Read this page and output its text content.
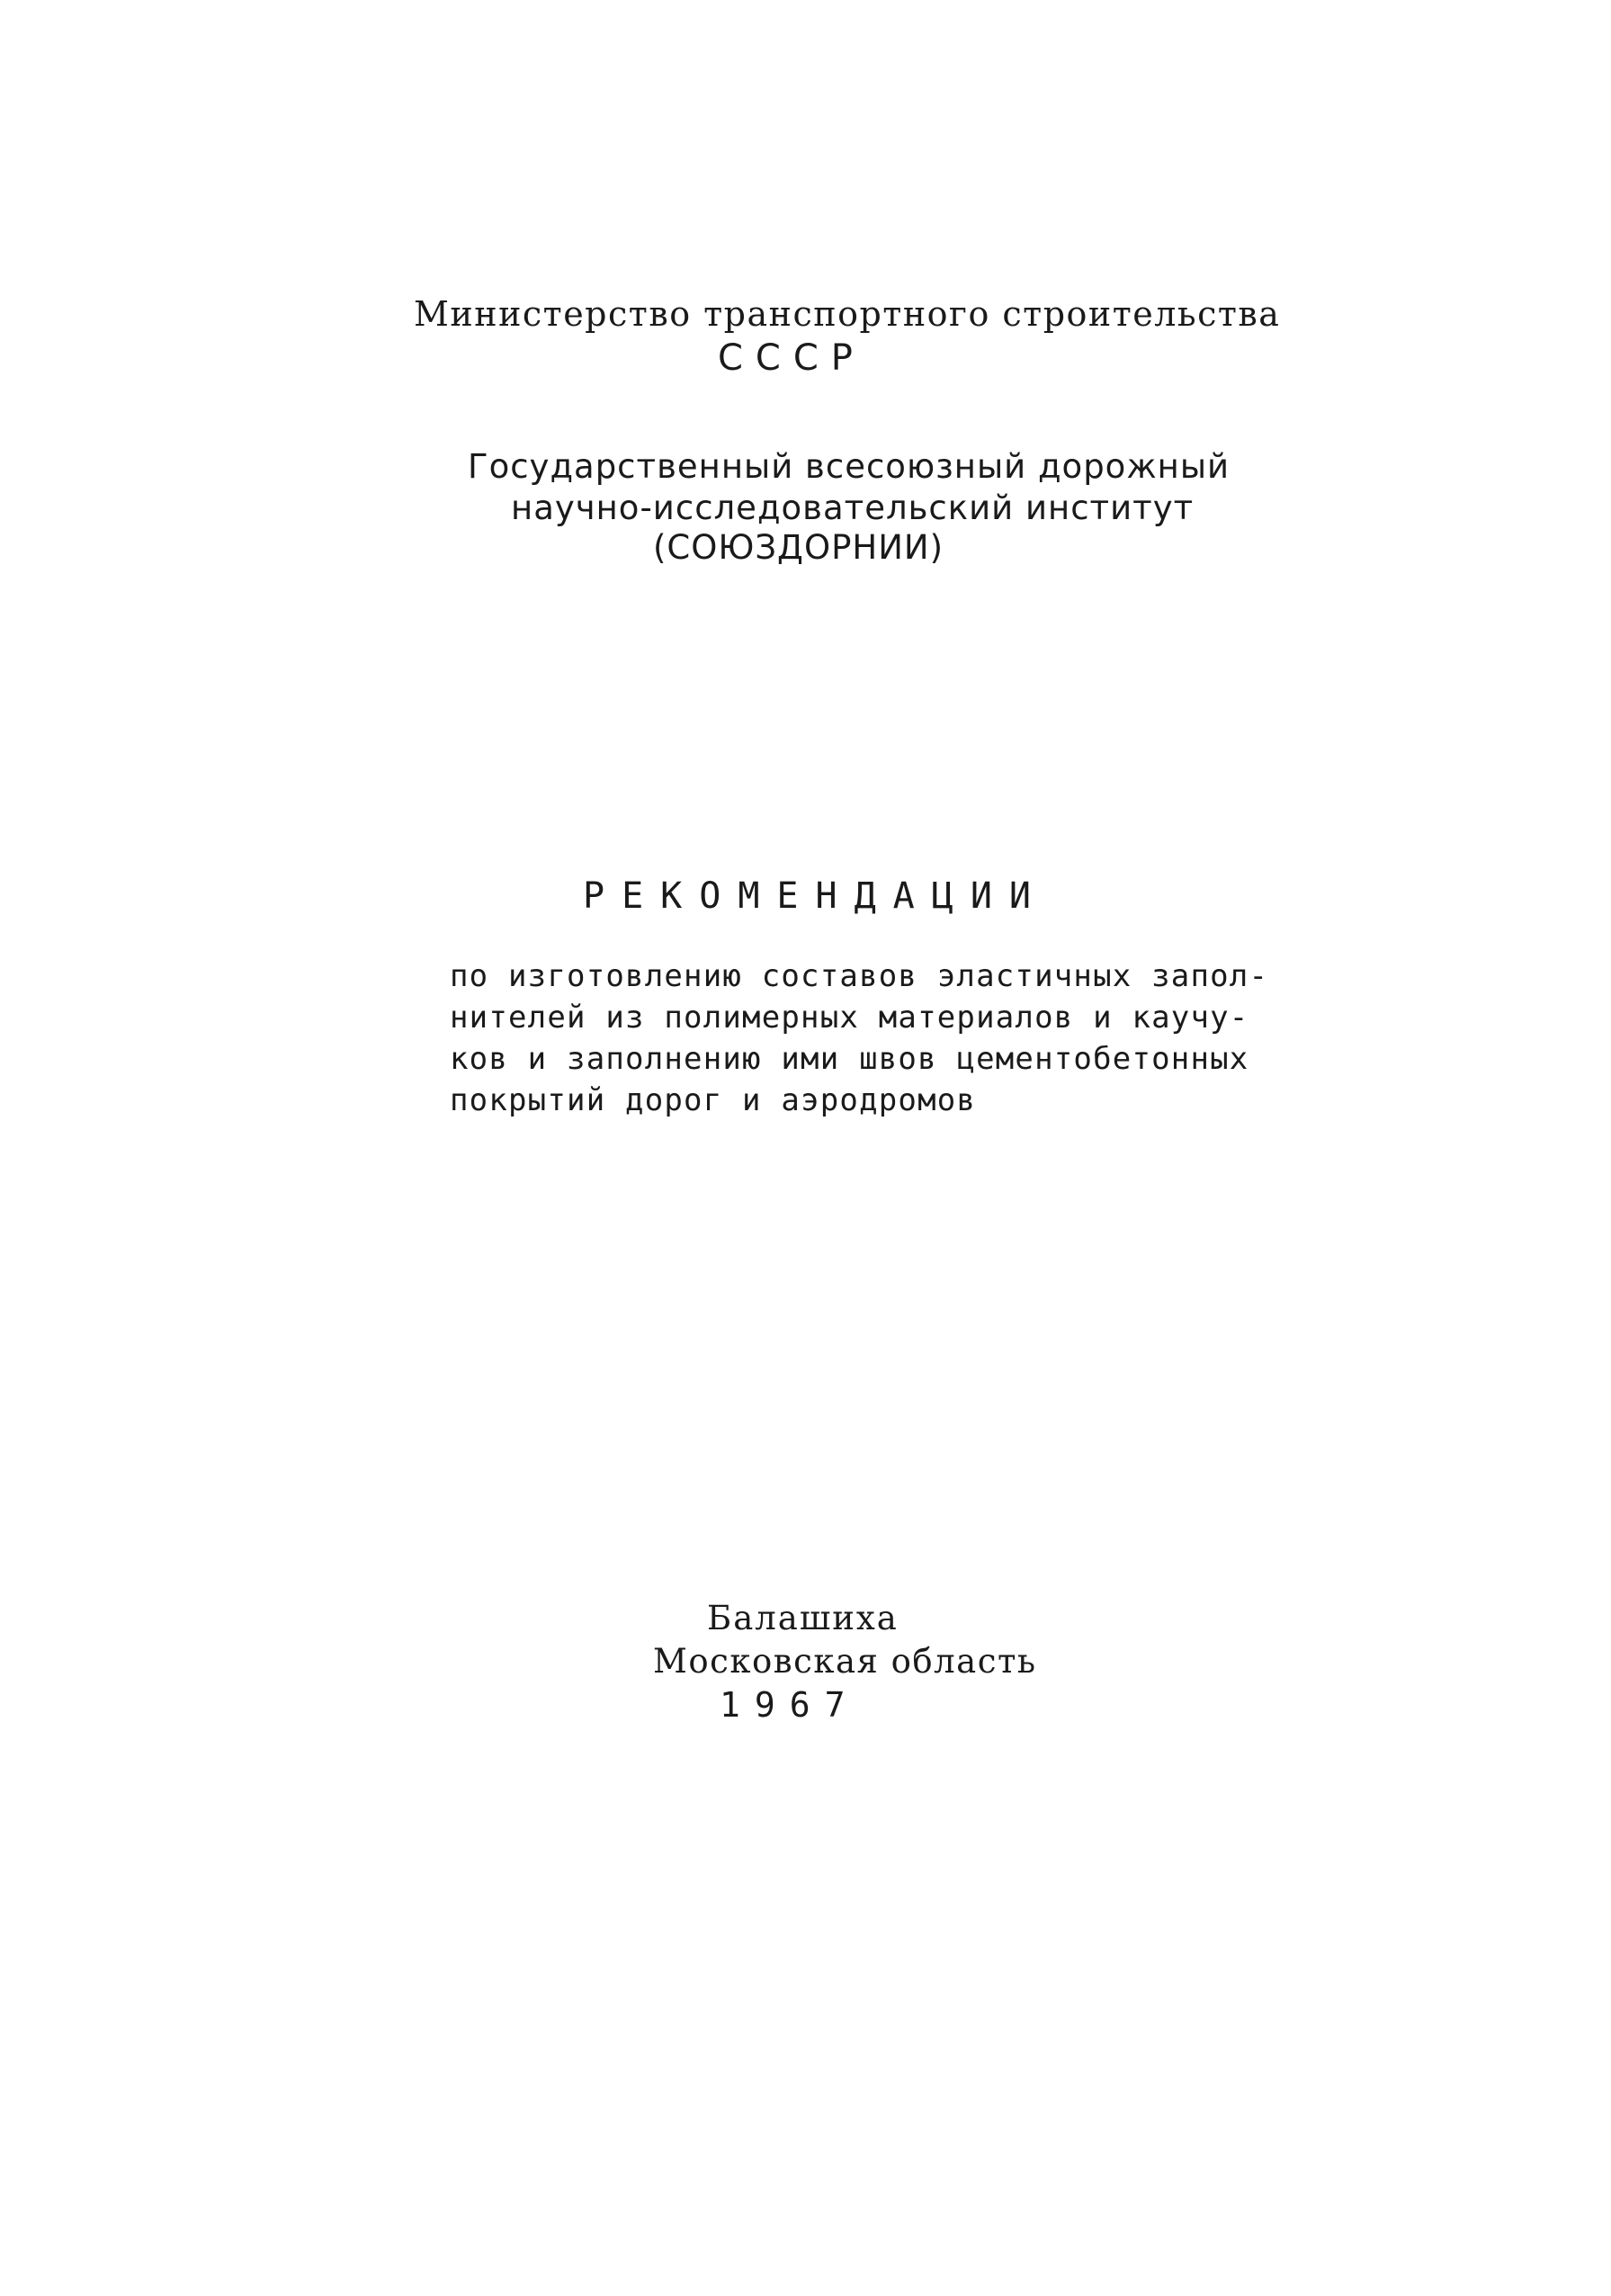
Министерство транспортного строительства
СССР
Государственный всесоюзный дорожный
научно-исследовательский институт
(СОЮЗДОРНИИ)
РЕКОМЕНДАЦИИ
по изготовлению составов эластичных запол-
нителей из полимерных материалов и каучу-
ков и заполнению ими швов цементобетонных
покрытий дорог и аэродромов
Балашиха
Московская область
1967
